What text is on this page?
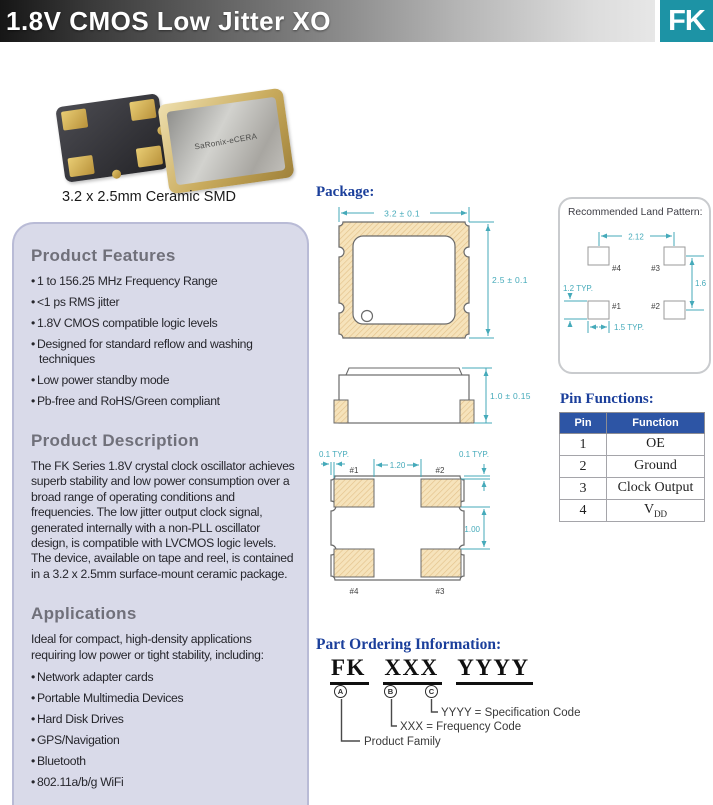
1.8V CMOS Low Jitter XO	FK
SaRonix-eCERA
3.2 x 2.5mm Ceramic SMD
Product Features
• 1 to 156.25 MHz Frequency Range
• <1 ps RMS jitter
• 1.8V CMOS compatible logic levels
• Designed for standard reflow and washing techniques
• Low power standby mode
• Pb-free and RoHS/Green compliant
Product Description

The FK Series 1.8V crystal clock oscillator achieves superb stability and low power consumption over a broad range of operating conditions and frequencies. The low jitter output clock signal, generated internally with a non-PLL oscillator design, is compatible with LVCMOS logic levels. The device, available on tape and reel, is contained in a 3.2 x 2.5mm surface-mount ceramic package.

Applications

Ideal for compact, high-density applications requiring low power or tight stability, including:

• Network adapter cards
• Portable Multimedia Devices
• Hard Disk Drives
• GPS/Navigation
• Bluetooth
• 802.11a/b/g WiFi
Package:
3.2 ± 0.1
2.5 ± 0.1
1.0 ± 0.15
#1	#2
#4	#3
0.1 TYP.	0.1 TYP.
1.20
1.00
Recommended Land Pattern:
#4	#3
#1	#2
2.12
1.6
1.2 TYP.
1.5 TYP.
Pin Functions:
Pin	Function
1	OE
2	Ground
3	Clock Output
4	$V_{DD}$
Part Ordering Information:
FK XXX YYYY
A	B	C
YYYY = Specification Code
XXX = Frequency Code
Product Family
